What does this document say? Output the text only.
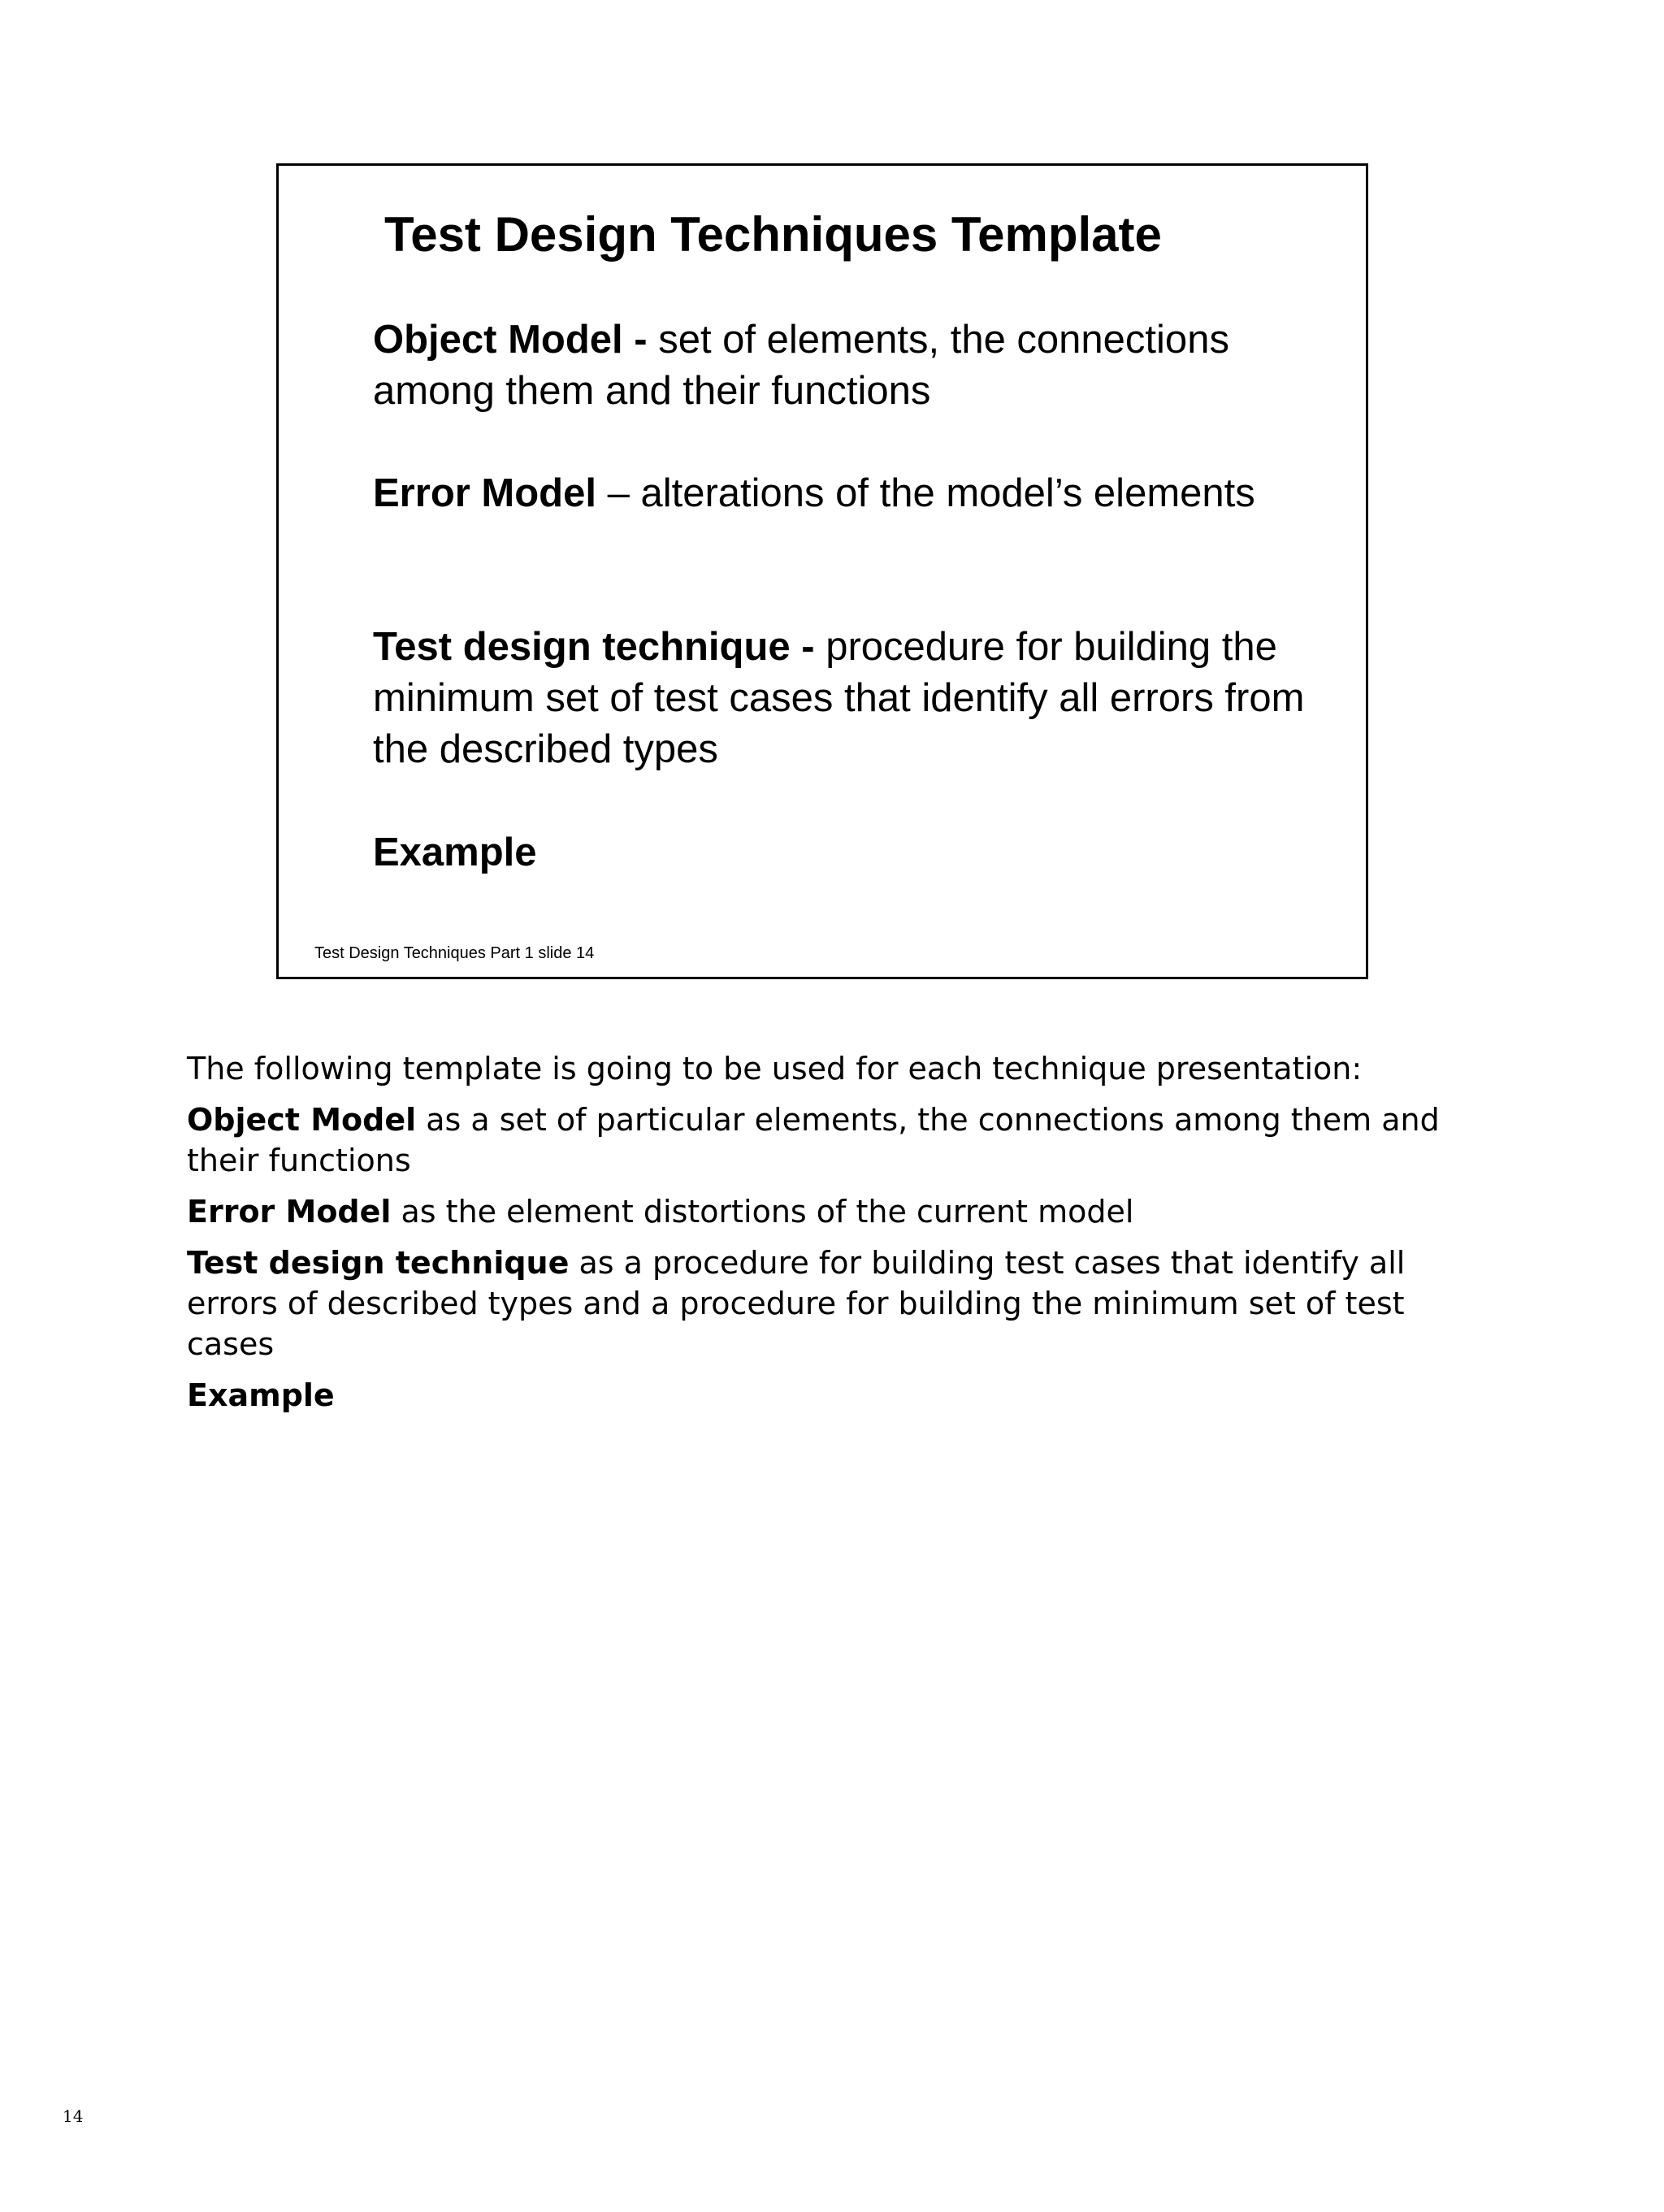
Test Design Techniques Template

Object Model - set of elements, the connections among them and their functions

Error Model – alterations of the model’s elements

Test design technique - procedure for building the minimum set of test cases that identify all errors from the described types

Example

Test Design Techniques Part 1 slide 14

The following template is going to be used for each technique presentation:

Object Model as a set of particular elements, the connections among them and their functions

Error Model as the element distortions of the current model

Test design technique as a procedure for building test cases that identify all errors of described types and a procedure for building the minimum set of test cases

Example

14
